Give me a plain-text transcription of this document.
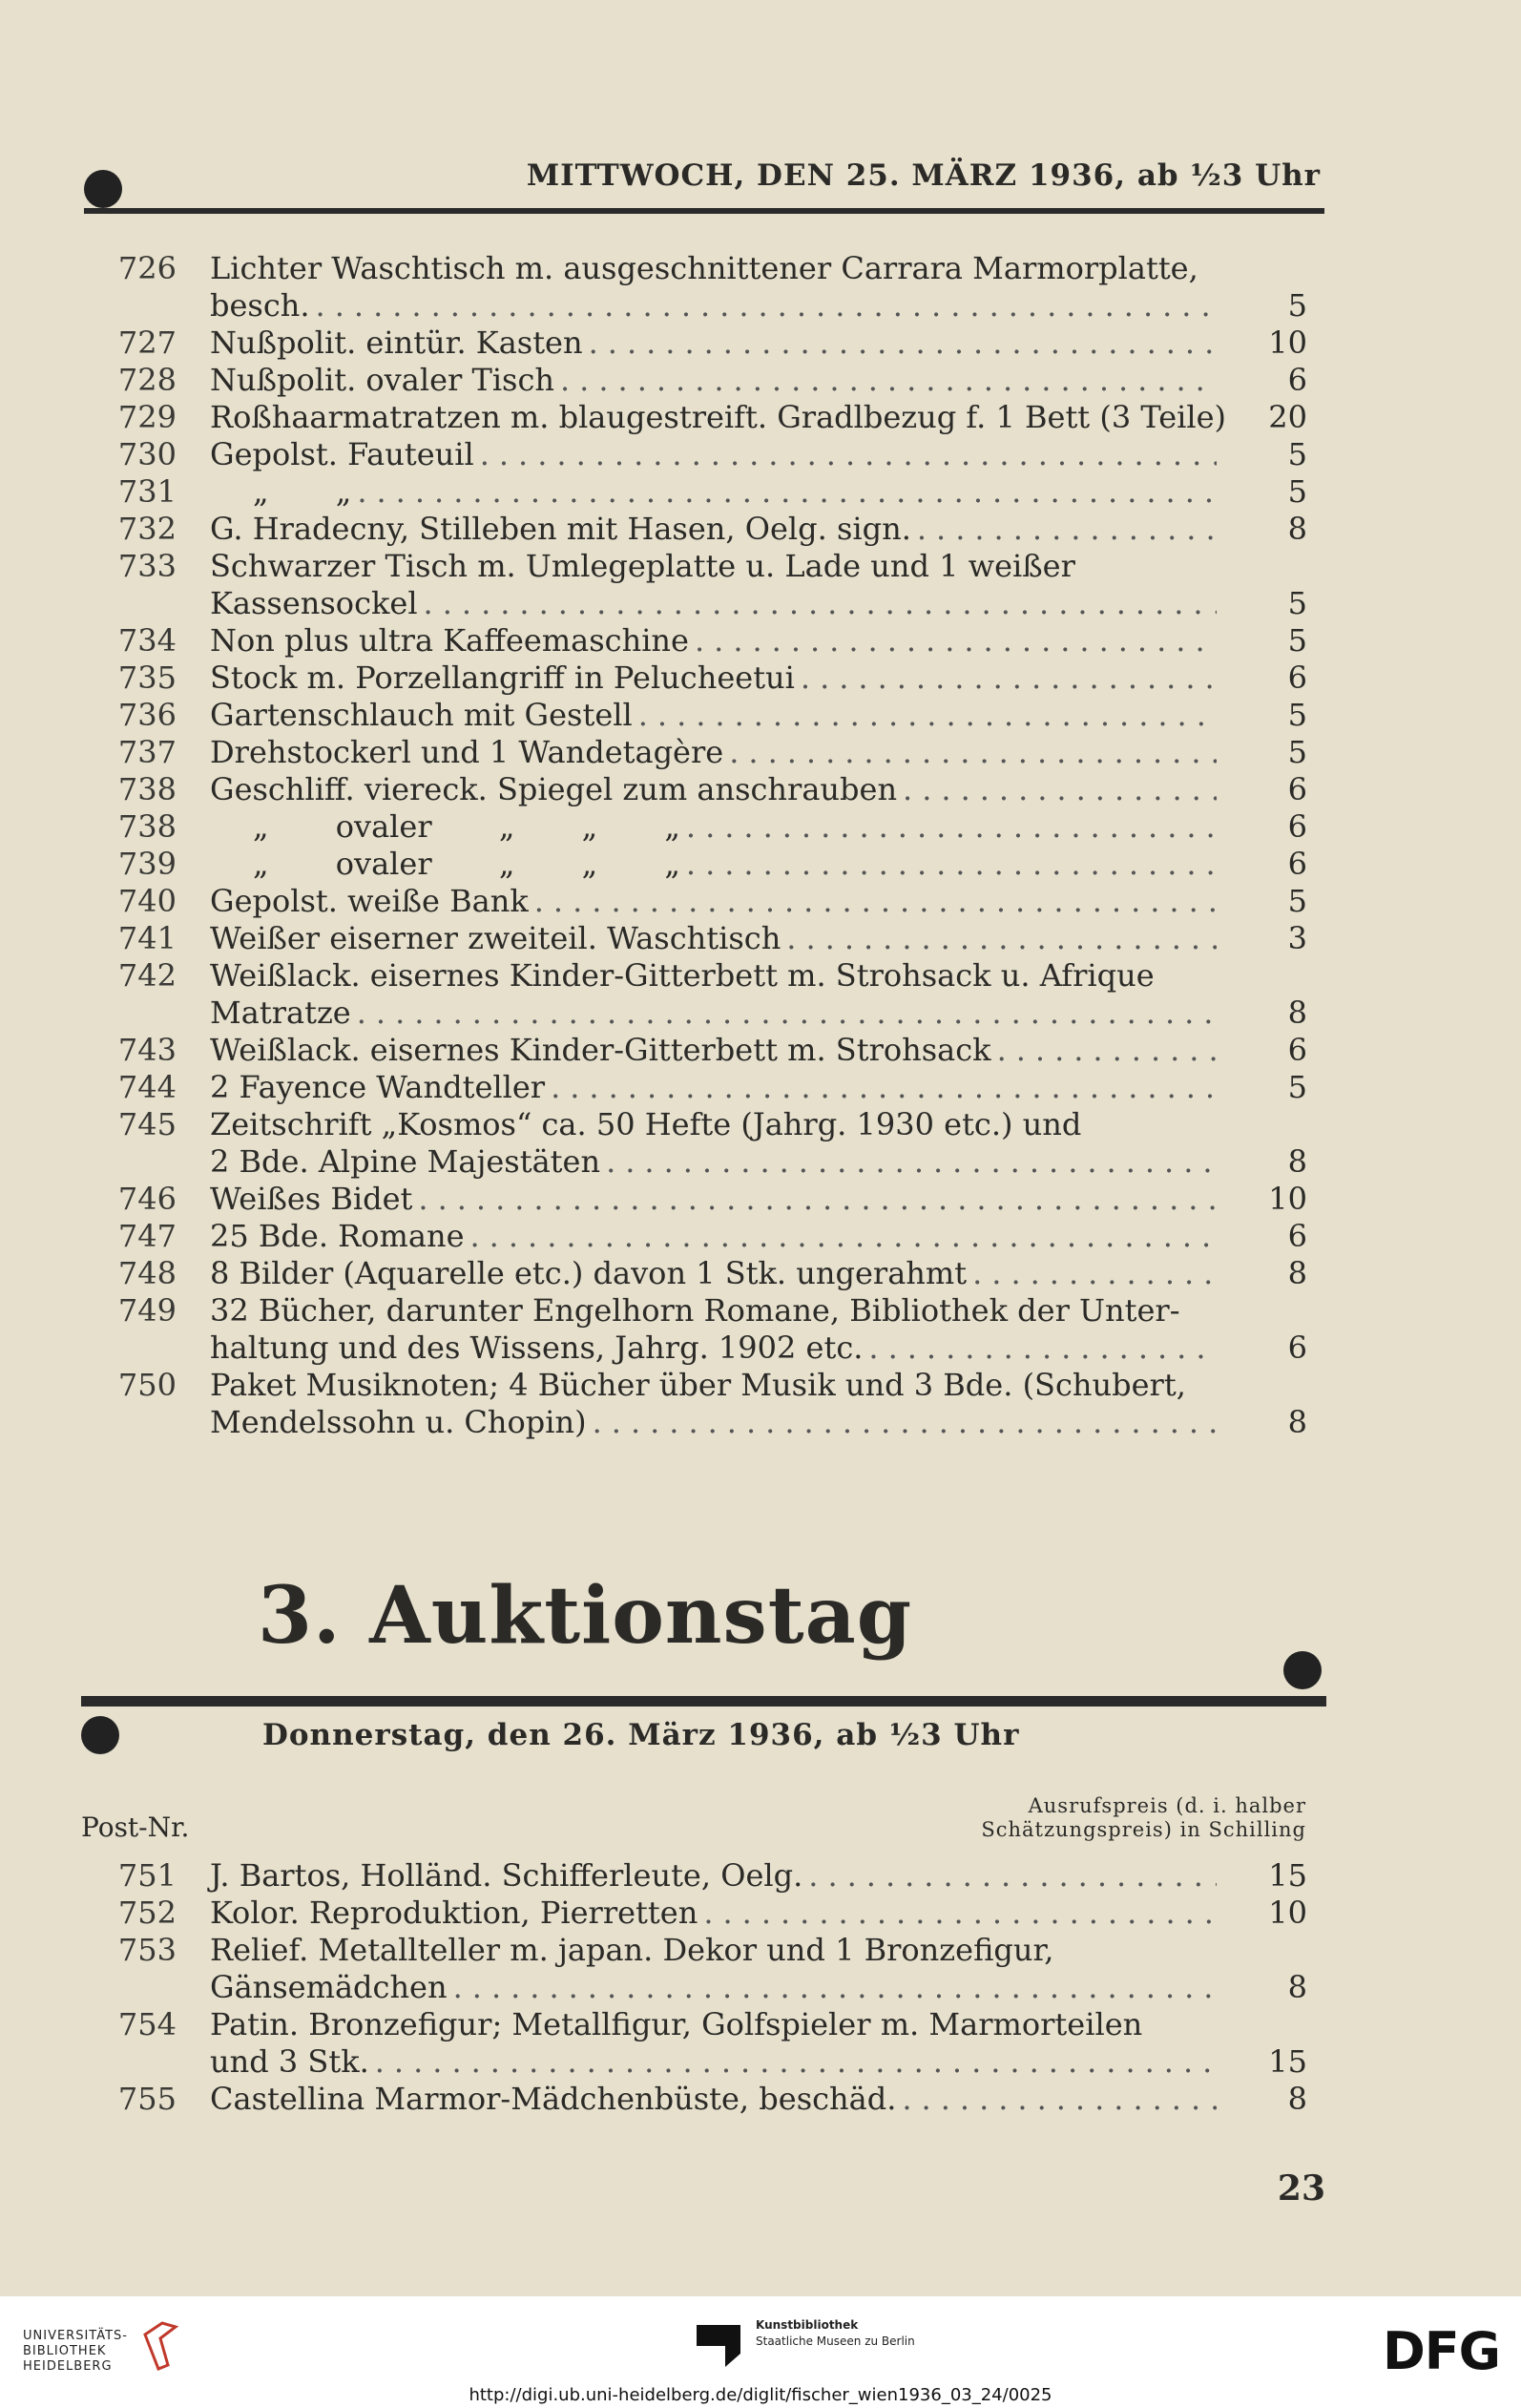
MITTWOCH, DEN 25. MÄRZ 1936, ab ½3 Uhr
726 Lichter Waschtisch m. ausgeschnittener Carrara Marmorplatte,
besch. .....	5
727 Nußpolit. eintür. Kasten .....	10
728 Nußpolit. ovaler Tisch .....	6
729 Roßhaarmatratzen m. blaugestreift. Gradlbezug f. 1 Bett (3 Teile)	20
730 Gepolst. Fauteuil .....	5
731	„ „ .....	5
732 G. Hradecny, Stilleben mit Hasen, Oelg. sign. .....	8
733 Schwarzer Tisch m. Umlegeplatte u. Lade und 1 weißer
Kassensockel .....	5
734 Non plus ultra Kaffeemaschine .....	5
735 Stock m. Porzellangriff in Pelucheetui .....	6
736 Gartenschlauch mit Gestell .....	5
737 Drehstockerl und 1 Wandetagère .....	5
738 Geschliff. viereck. Spiegel zum anschrauben .....	6
738	„ ovaler „ „ „ .....	6
739	„ ovaler „ „ „ .....	6
740 Gepolst. weiße Bank .....	5
741 Weißer eiserner zweiteil. Waschtisch .....	3
742 Weißlack. eisernes Kinder-Gitterbett m. Strohsack u. Afrique
Matratze .....	8
743 Weißlack. eisernes Kinder-Gitterbett m. Strohsack .....	6
744 2 Fayence Wandteller .....	5
745 Zeitschrift „Kosmos“ ca. 50 Hefte (Jahrg. 1930 etc.) und
2 Bde. Alpine Majestäten .....	8
746 Weißes Bidet .....	10
747 25 Bde. Romane .....	6
748 8 Bilder (Aquarelle etc.) davon 1 Stk. ungerahmt .....	8
749 32 Bücher, darunter Engelhorn Romane, Bibliothek der Unter-
haltung und des Wissens, Jahrg. 1902 etc. .....	6
750 Paket Musiknoten; 4 Bücher über Musik und 3 Bde. (Schubert,
Mendelssohn u. Chopin) .....	8
3. Auktionstag
Donnerstag, den 26. März 1936, ab ½3 Uhr
Post-Nr.
Ausrufspreis (d. i. halber
Schätzungspreis) in Schilling
751 J. Bartos, Holländ. Schifferleute, Oelg. .....	15
752 Kolor. Reproduktion, Pierretten .....	10
753 Relief. Metallteller m. japan. Dekor und 1 Bronzefigur,
Gänsemädchen .....	8
754 Patin. Bronzefigur; Metallfigur, Golfspieler m. Marmorteilen
und 3 Stk. .....	15
755 Castellina Marmor-Mädchenbüste, beschäd. .....	8
23
UNIVERSITÄTS-
BIBLIOTHEK
HEIDELBERG
Kunstbibliothek
Staatliche Museen zu Berlin	DFG
http://digi.ub.uni-heidelberg.de/diglit/fischer_wien1936_03_24/0025
